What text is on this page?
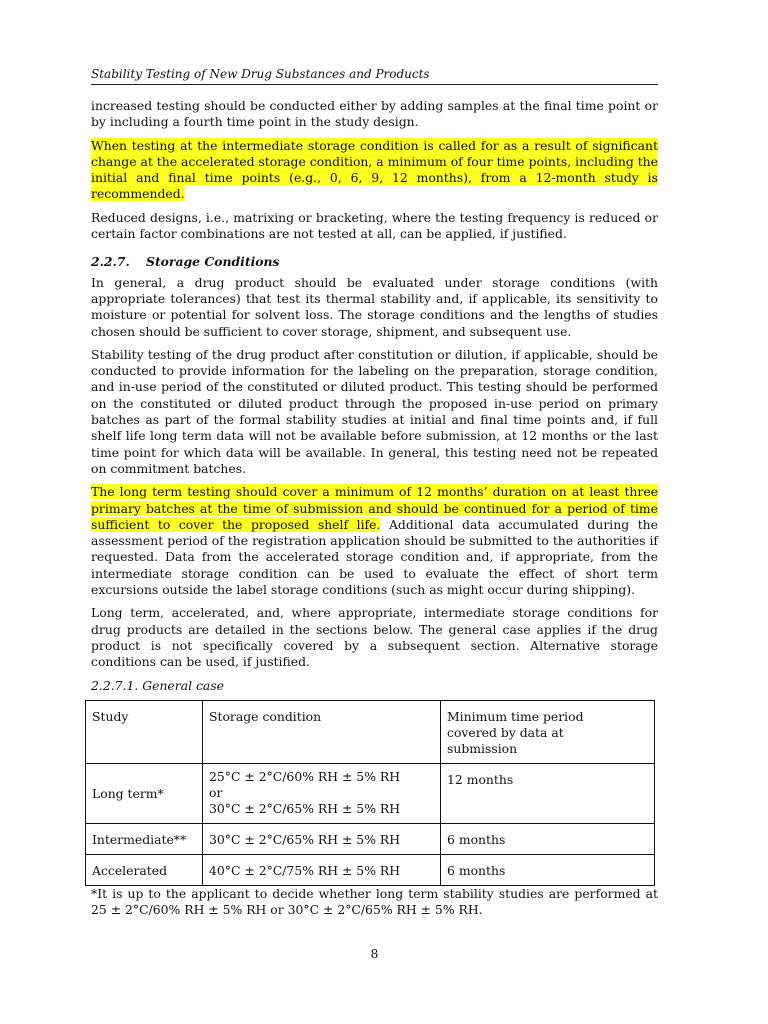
Stability Testing of New Drug Substances and Products

increased testing should be conducted either by adding samples at the final time point or by including a fourth time point in the study design.

When testing at the intermediate storage condition is called for as a result of significant change at the accelerated storage condition, a minimum of four time points, including the initial and final time points (e.g., 0, 6, 9, 12 months), from a 12-month study is recommended.

Reduced designs, i.e., matrixing or bracketing, where the testing frequency is reduced or certain factor combinations are not tested at all, can be applied, if justified.

2.2.7. Storage Conditions

In general, a drug product should be evaluated under storage conditions (with appropriate tolerances) that test its thermal stability and, if applicable, its sensitivity to moisture or potential for solvent loss. The storage conditions and the lengths of studies chosen should be sufficient to cover storage, shipment, and subsequent use.

Stability testing of the drug product after constitution or dilution, if applicable, should be conducted to provide information for the labeling on the preparation, storage condition, and in-use period of the constituted or diluted product. This testing should be performed on the constituted or diluted product through the proposed in-use period on primary batches as part of the formal stability studies at initial and final time points and, if full shelf life long term data will not be available before submission, at 12 months or the last time point for which data will be available. In general, this testing need not be repeated on commitment batches.

The long term testing should cover a minimum of 12 months’ duration on at least three primary batches at the time of submission and should be continued for a period of time sufficient to cover the proposed shelf life. Additional data accumulated during the assessment period of the registration application should be submitted to the authorities if requested. Data from the accelerated storage condition and, if appropriate, from the intermediate storage condition can be used to evaluate the effect of short term excursions outside the label storage conditions (such as might occur during shipping).

Long term, accelerated, and, where appropriate, intermediate storage conditions for drug products are detailed in the sections below. The general case applies if the drug product is not specifically covered by a subsequent section. Alternative storage conditions can be used, if justified.

2.2.7.1. General case
Study	Storage condition	Minimum time period covered by data at submission

Long term*	25°C ± 2°C/60% RH ± 5% RH
or
30°C ± 2°C/65% RH ± 5% RH	12 months
Intermediate**	30°C ± 2°C/65% RH ± 5% RH	6 months
Accelerated	40°C ± 2°C/75% RH ± 5% RH	6 months

*It is up to the applicant to decide whether long term stability studies are performed at 25 ± 2°C/60% RH ± 5% RH or 30°C ± 2°C/65% RH ± 5% RH.

8
